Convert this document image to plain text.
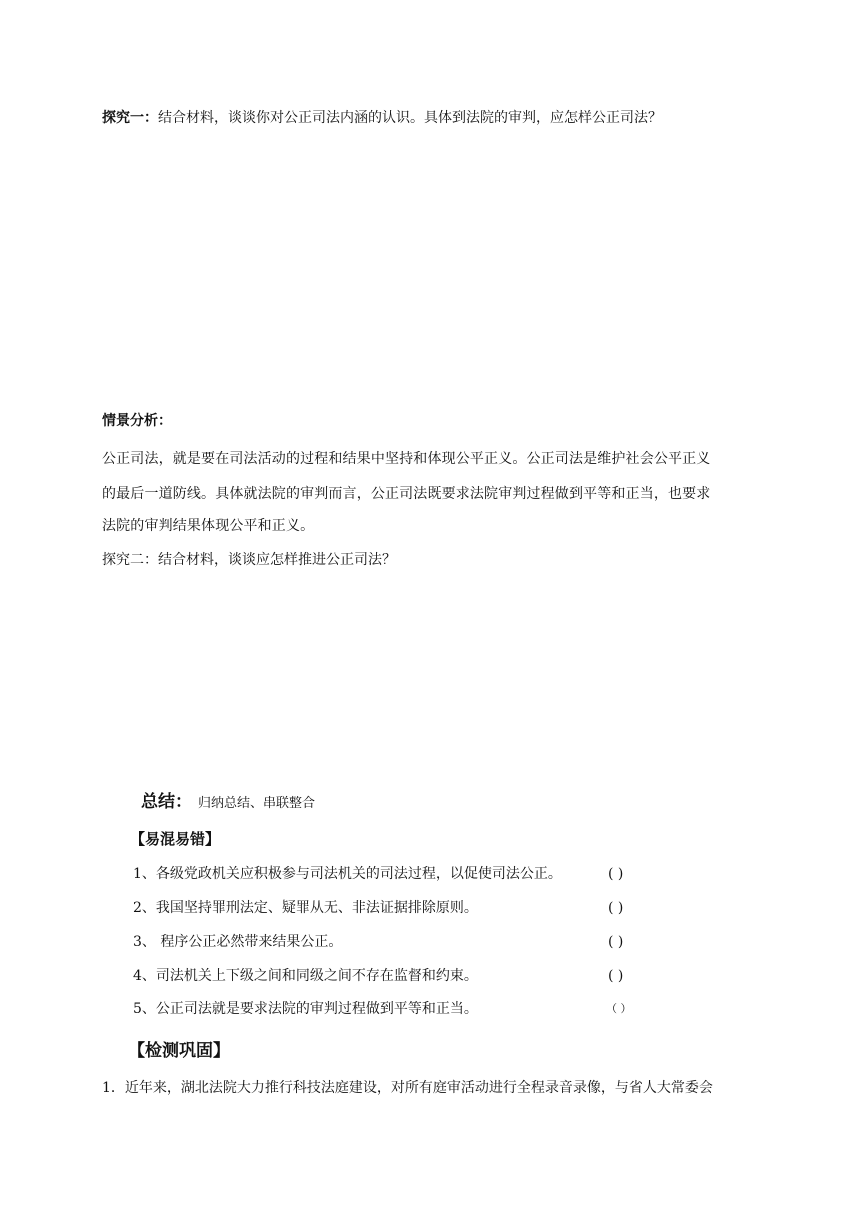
探究一：结合材料，谈谈你对公正司法内涵的认识。具体到法院的审判，应怎样公正司法？
情景分析：
公正司法，就是要在司法活动的过程和结果中坚持和体现公平正义。公正司法是维护社会公平正义
的最后一道防线。具体就法院的审判而言，公正司法既要求法院审判过程做到平等和正当，也要求
法院的审判结果体现公平和正义。
探究二：结合材料，谈谈应怎样推进公正司法？
总结： 归纳总结、串联整合
【易混易错】
1、各级党政机关应积极参与司法机关的司法过程，以促使司法公正。	( )
2、我国坚持罪刑法定、疑罪从无、非法证据排除原则。	( )
3、 程序公正必然带来结果公正。	( )
4、司法机关上下级之间和同级之间不存在监督和约束。	( )
5、公正司法就是要求法院的审判过程做到平等和正当。	（ ）
【检测巩固】
1．近年来，湖北法院大力推行科技法庭建设，对所有庭审活动进行全程录音录像，与省人大常委会
